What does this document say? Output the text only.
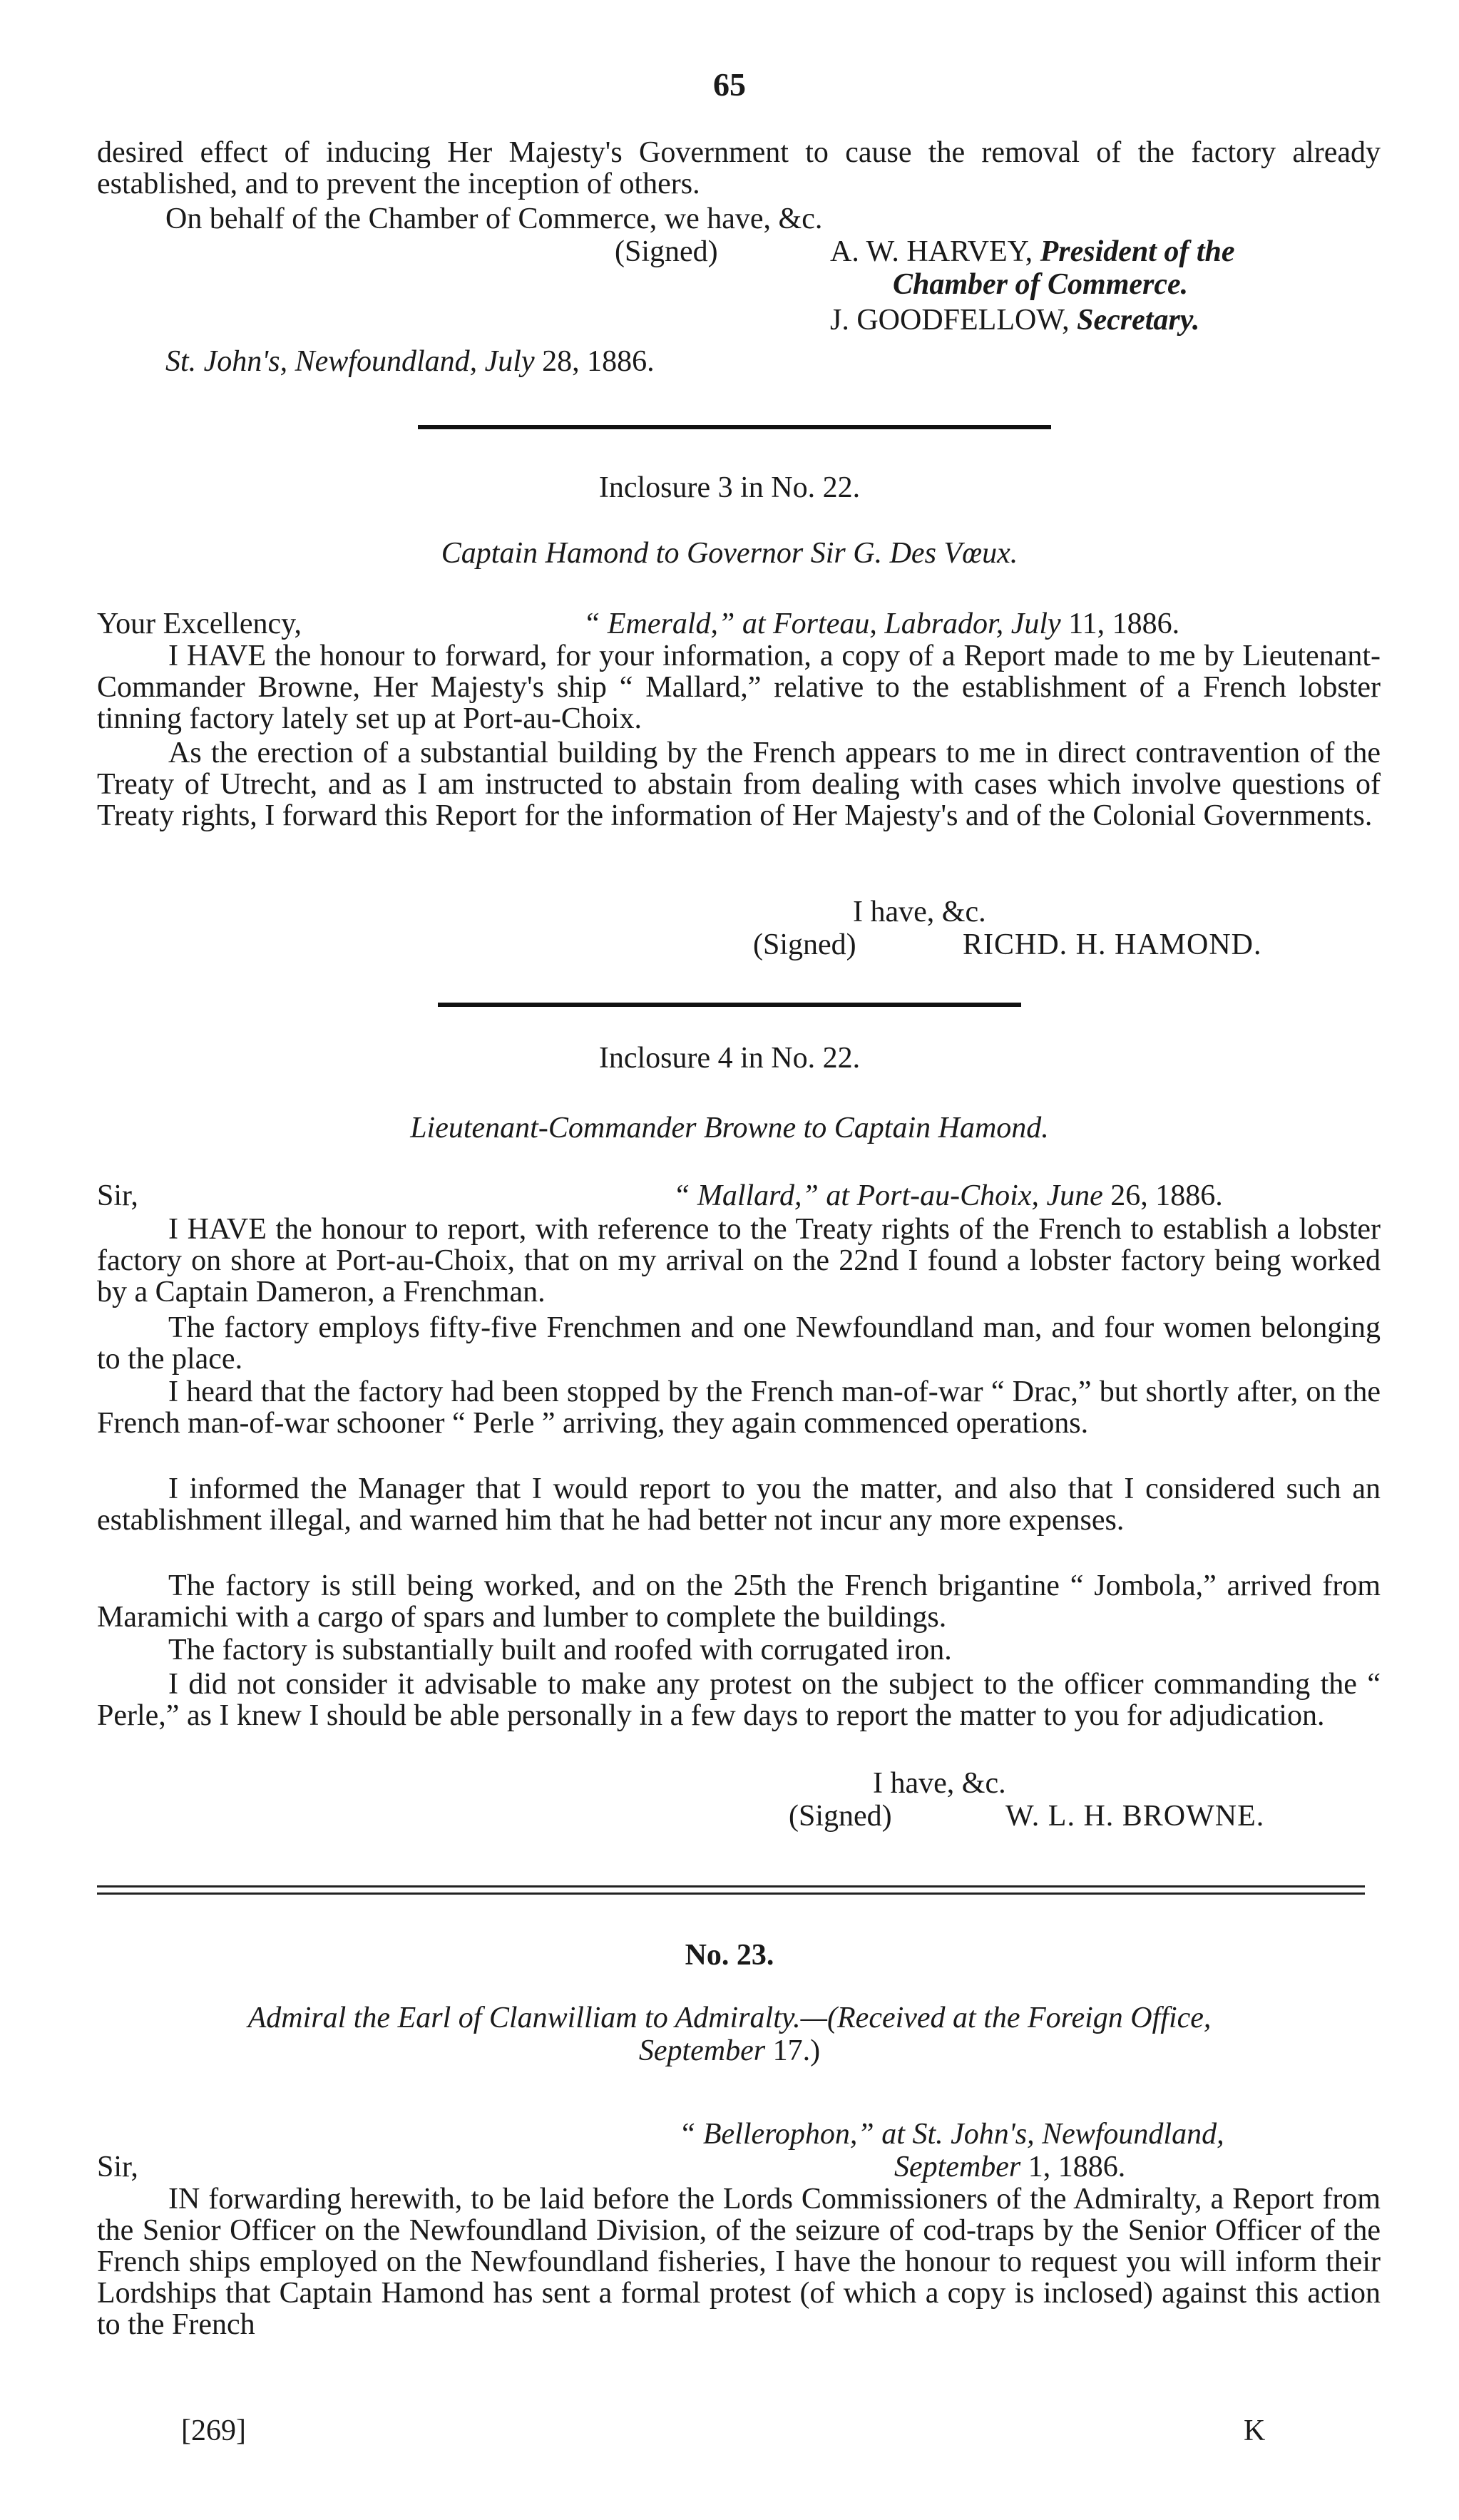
65

desired effect of inducing Her Majesty's Government to cause the removal of the factory already established, and to prevent the inception of others.

On behalf of the Chamber of Commerce, we have, &c.
(Signed)	A. W. HARVEY, President of the
Chamber of Commerce.
J. GOODFELLOW, Secretary.
St. John's, Newfoundland, July 28, 1886.
Inclosure 3 in No. 22.
Captain Hamond to Governor Sir G. Des Vœux.
Your Excellency,	“ Emerald,” at Forteau, Labrador, July 11, 1886.

I HAVE the honour to forward, for your information, a copy of a Report made to me by Lieutenant-Commander Browne, Her Majesty's ship “ Mallard,” relative to the establishment of a French lobster tinning factory lately set up at Port-au-Choix.

As the erection of a substantial building by the French appears to me in direct contravention of the Treaty of Utrecht, and as I am instructed to abstain from dealing with cases which involve questions of Treaty rights, I forward this Report for the information of Her Majesty's and of the Colonial Governments.

I have, &c.
(Signed)	RICHD. H. HAMOND.
Inclosure 4 in No. 22.
Lieutenant-Commander Browne to Captain Hamond.
Sir,	“ Mallard,” at Port-au-Choix, June 26, 1886.

I HAVE the honour to report, with reference to the Treaty rights of the French to establish a lobster factory on shore at Port-au-Choix, that on my arrival on the 22nd I found a lobster factory being worked by a Captain Dameron, a Frenchman.

The factory employs fifty-five Frenchmen and one Newfoundland man, and four women belonging to the place.

I heard that the factory had been stopped by the French man-of-war “ Drac,” but shortly after, on the French man-of-war schooner “ Perle ” arriving, they again commenced operations.

I informed the Manager that I would report to you the matter, and also that I considered such an establishment illegal, and warned him that he had better not incur any more expenses.

The factory is still being worked, and on the 25th the French brigantine “ Jombola,” arrived from Maramichi with a cargo of spars and lumber to complete the buildings.

The factory is substantially built and roofed with corrugated iron.

I did not consider it advisable to make any protest on the subject to the officer commanding the “ Perle,” as I knew I should be able personally in a few days to report the matter to you for adjudication.

I have, &c.
(Signed)	W. L. H. BROWNE.
No. 23.
Admiral the Earl of Clanwilliam to Admiralty.—(Received at the Foreign Office,
September 17.)
“ Bellerophon,” at St. John's, Newfoundland,
Sir,	September 1, 1886.

IN forwarding herewith, to be laid before the Lords Commissioners of the Admiralty, a Report from the Senior Officer on the Newfoundland Division, of the seizure of cod-traps by the Senior Officer of the French ships employed on the Newfoundland fisheries, I have the honour to request you will inform their Lordships that Captain Hamond has sent a formal protest (of which a copy is inclosed) against this action to the French

[269]	K
